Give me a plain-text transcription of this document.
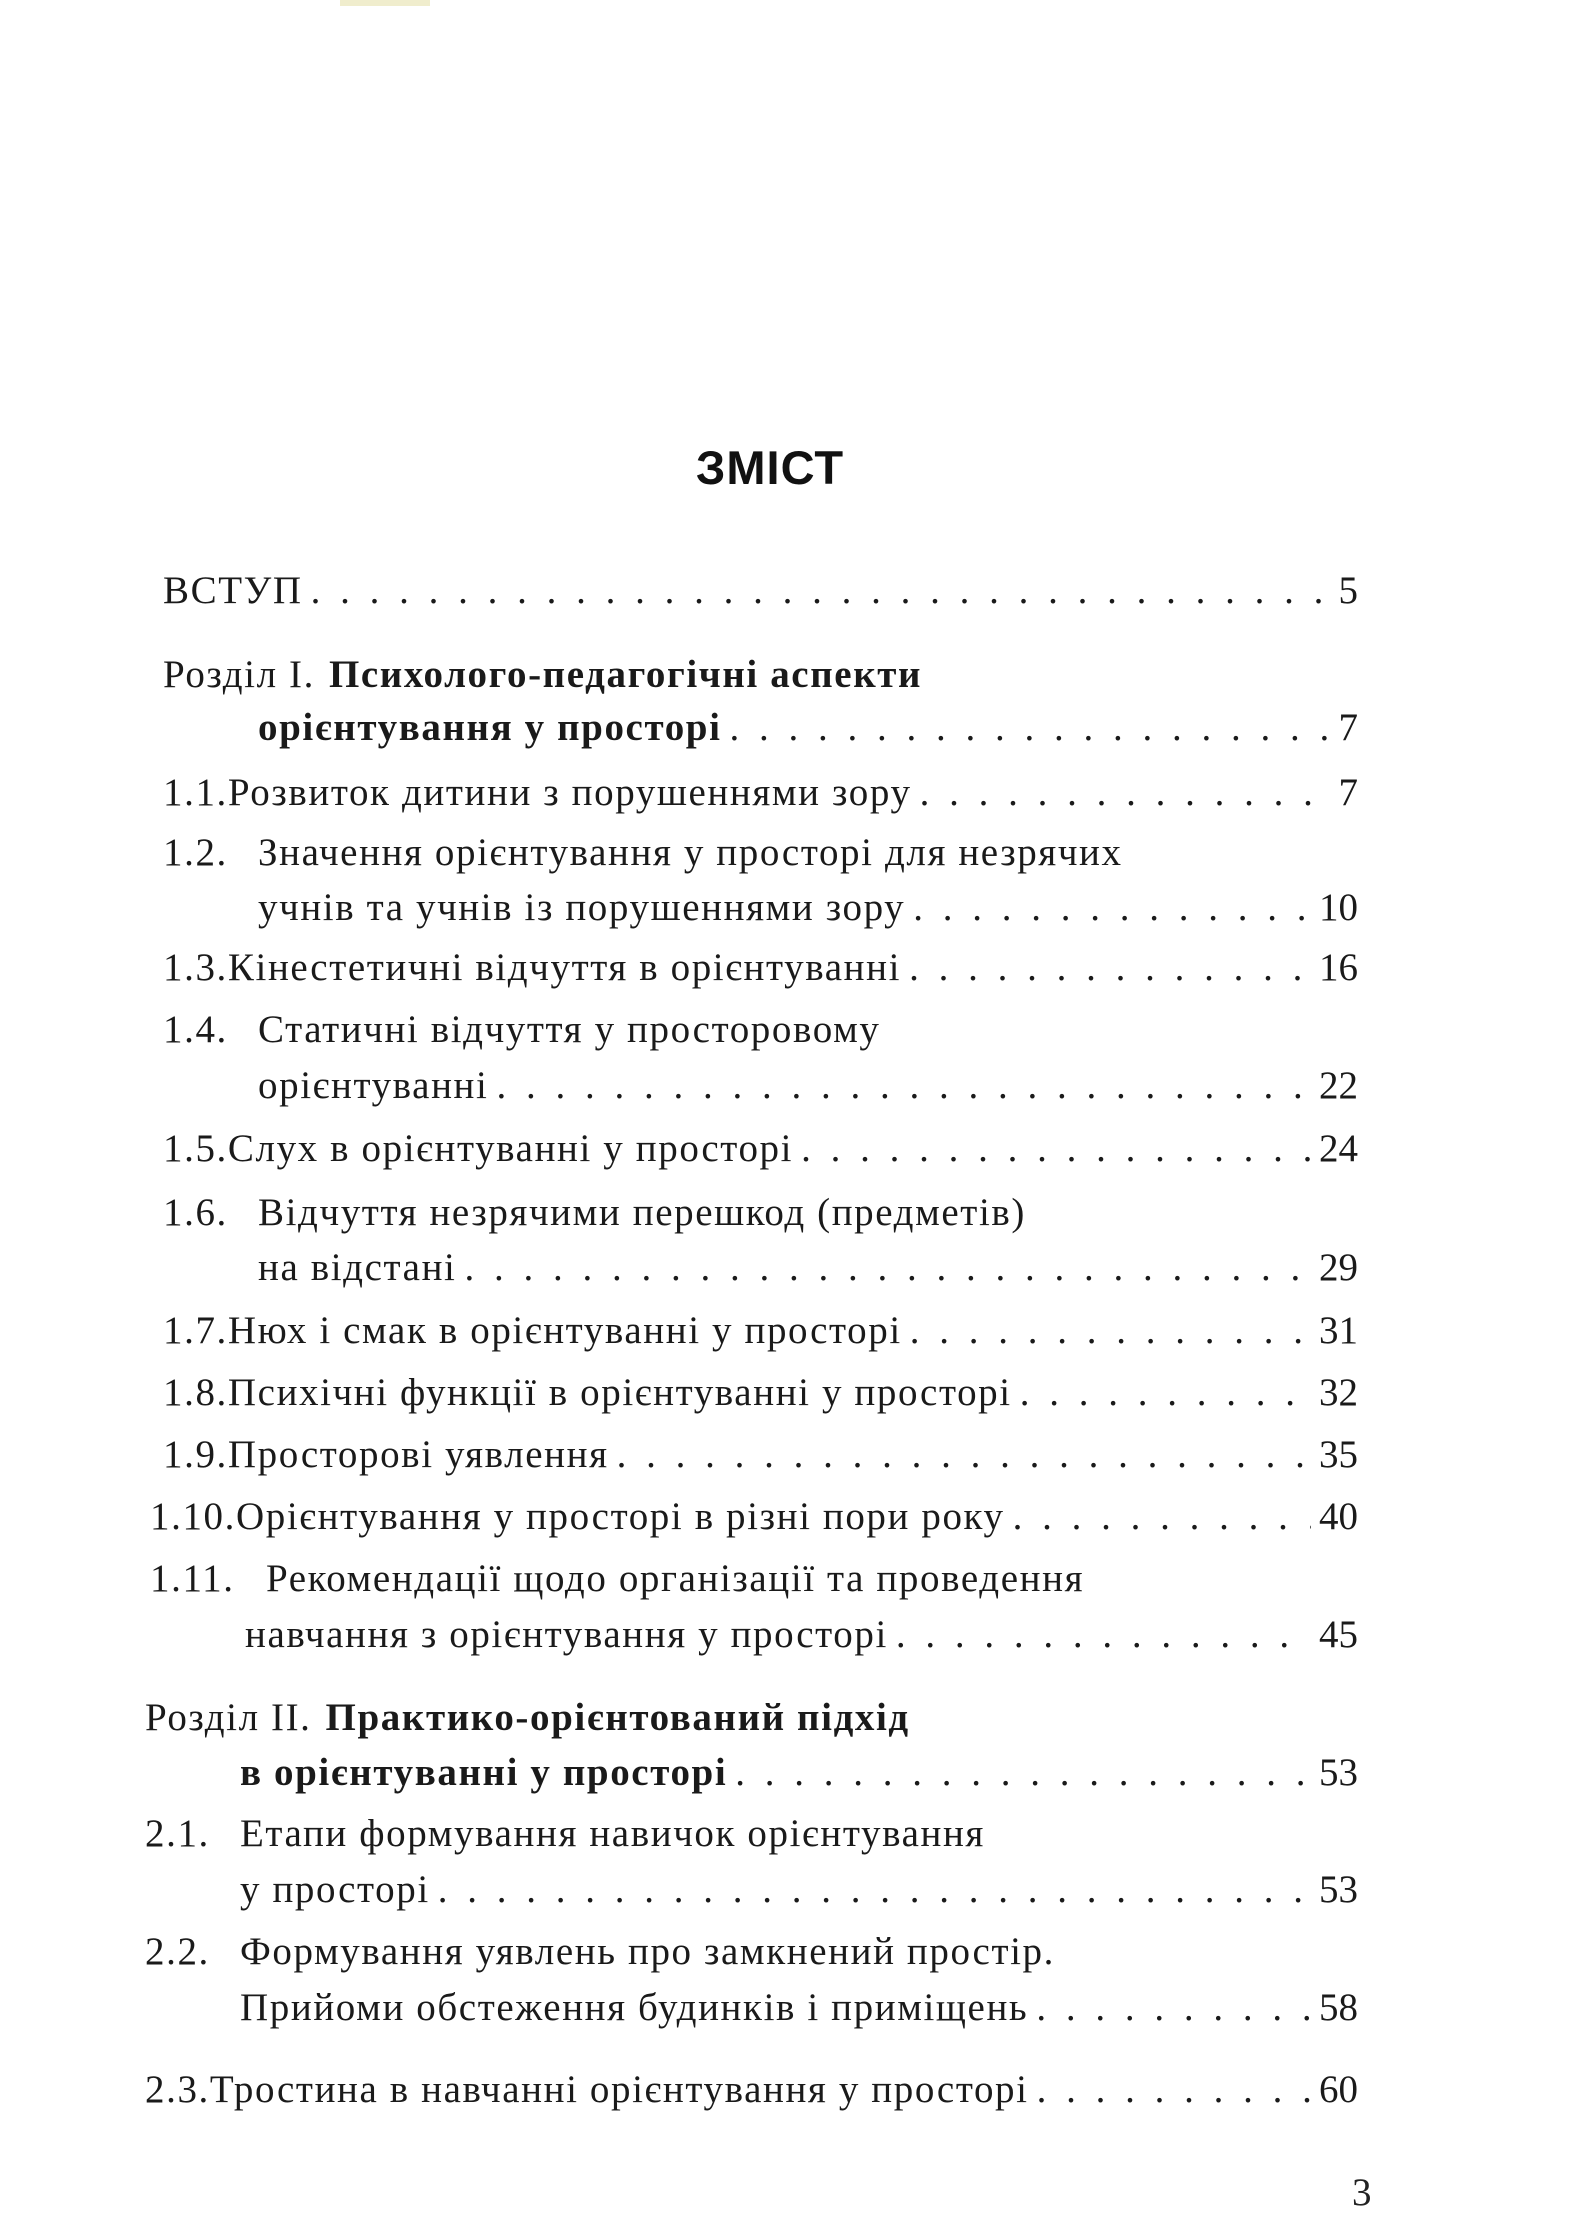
ЗМІСТ
ВСТУП . . .	5
Розділ І. Психолого-педагогічні аспекти
орієнтування у просторі . . .	7
1.1. Розвиток дитини з порушеннями зору . . .	7
1.2. Значення орієнтування у просторі для незрячих
учнів та учнів із порушеннями зору . . .	10
1.3. Кінестетичні відчуття в орієнтуванні . . .	16
1.4. Статичні відчуття у просторовому
орієнтуванні . . .	22
1.5. Слух в орієнтуванні у просторі . . .	24
1.6. Відчуття незрячими перешкод (предметів)
на відстані . . .	29
1.7. Нюх і смак в орієнтуванні у просторі . . .	31
1.8. Психічні функції в орієнтуванні у просторі . . .	32
1.9. Просторові уявлення . . .	35
1.10. Орієнтування у просторі в різні пори року . . .	40
1.11. Рекомендації щодо організації та проведення
навчання з орієнтування у просторі . . .	45
Розділ ІІ. Практико-орієнтований підхід
в орієнтуванні у просторі . . .	53
2.1. Етапи формування навичок орієнтування
у просторі . . .	53
2.2. Формування уявлень про замкнений простір.
Прийоми обстеження будинків і приміщень . . .	58
2.3. Тростина в навчанні орієнтування у просторі . . .	60
3
